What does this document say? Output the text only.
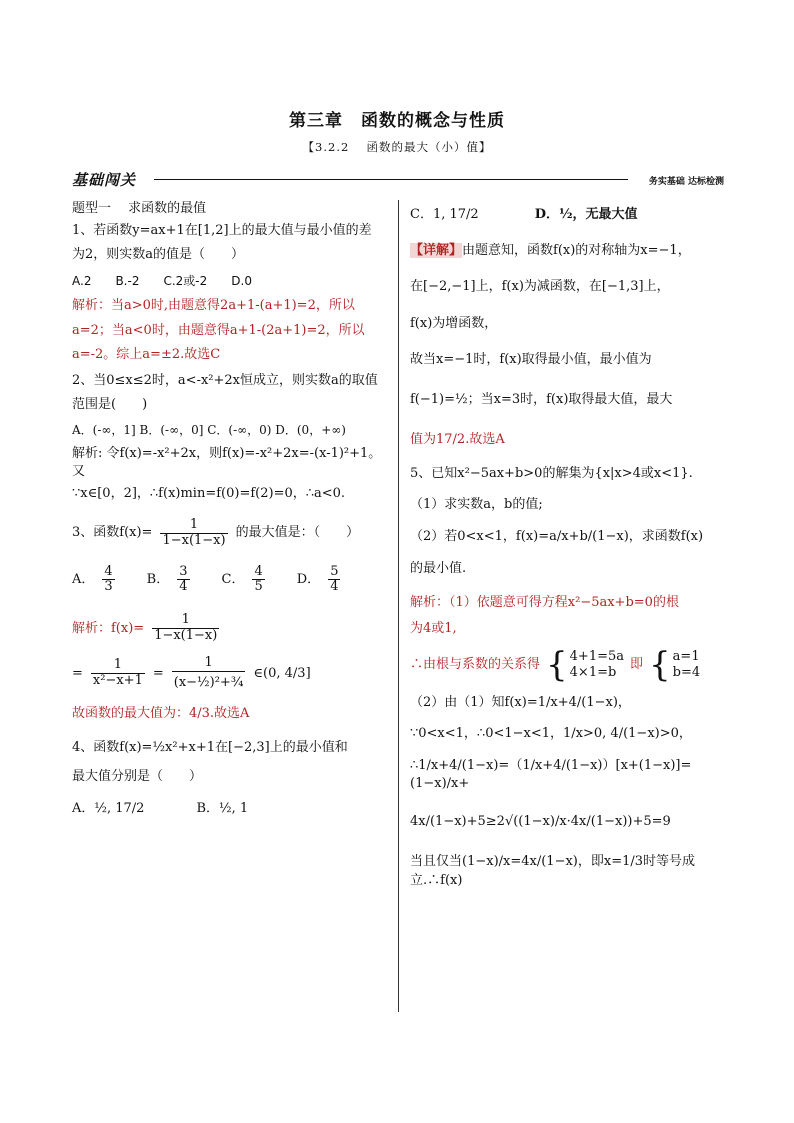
第三章　函数的概念与性质
【3.2.2　 函数的最大（小）值】
基础闯关	务实基础 达标检测

题型一　 求函数的最值

1、若函数y=ax+1在[1,2]上的最大值与最小值的差

为2，则实数a的值是（　　）

A.2 B.-2 C.2或-2 D.0

解析：当a>0时,由题意得2a+1-(a+1)=2，所以

a=2；当a<0时，由题意得a+1-(2a+1)=2，所以

a=-2。综上a=±2.故选C

2、当0≤x≤2时，a<-x²+2x恒成立，则实数a的取值

范围是(　　)

A．(-∞，1] B．(-∞，0] C．(-∞，0) D．(0，+∞)

解析: 令f(x)=-x²+2x，则f(x)=-x²+2x=-(x-1)²+1。又

∵x∈[0，2]，∴f(x)min=f(0)=f(2)=0，∴a<0.

3、函数$f(x)= \frac{1}{1-x(1-x)}$ 的最大值是：（　　）
A． $\frac{4}{3}$ B． $\frac{3}{4}$ C． $\frac{4}{5}$ D． $\frac{5}{4}$
解析：$f(x)= \frac{1}{1-x(1-x)}$
= $\frac{1}{\text{x²−x+1}} = \frac{1}{\text{(x−½)²+¾}}$ ∈(0, 4/3]

故函数的最大值为：4/3.故选A

4、函数f(x)=½x²+x+1在[−2,3]上的最小值和

最大值分别是（　　）

A．½, 17/2	B．½, 1
C．1, 17/2	D．½，无最大值

【详解】由题意知，函数f(x)的对称轴为x=−1，

在[−2,−1]上，f(x)为减函数，在[−1,3]上，

f(x)为增函数，

故当x=−1时，f(x)取得最小值，最小值为

f(−1)=½；当x=3时，f(x)取得最大值，最大

值为17/2.故选A

5、已知x²−5ax+b>0的解集为{x|x>4或x<1}.

（1）求实数a，b的值;

（2）若0<x<1，f(x)=a/x+b/(1−x)，求函数f(x)

的最小值.

解析：（1）依题意可得方程x²−5ax+b=0的根

为4或1,

∴由根与系数的关系得 { 4+1=5a
4×1=b
即 { a=1
b=4

（2）由（1）知f(x)=1/x+4/(1−x)，

∵0<x<1，∴0<1−x<1，1/x>0, 4/(1−x)>0，

∴1/x+4/(1−x)=（1/x+4/(1−x)）[x+(1−x)]=(1−x)/x+

4x/(1−x)+5≥2√((1−x)/x·4x/(1−x))+5=9

当且仅当(1−x)/x=4x/(1−x)，即x=1/3时等号成立.∴f(x)
